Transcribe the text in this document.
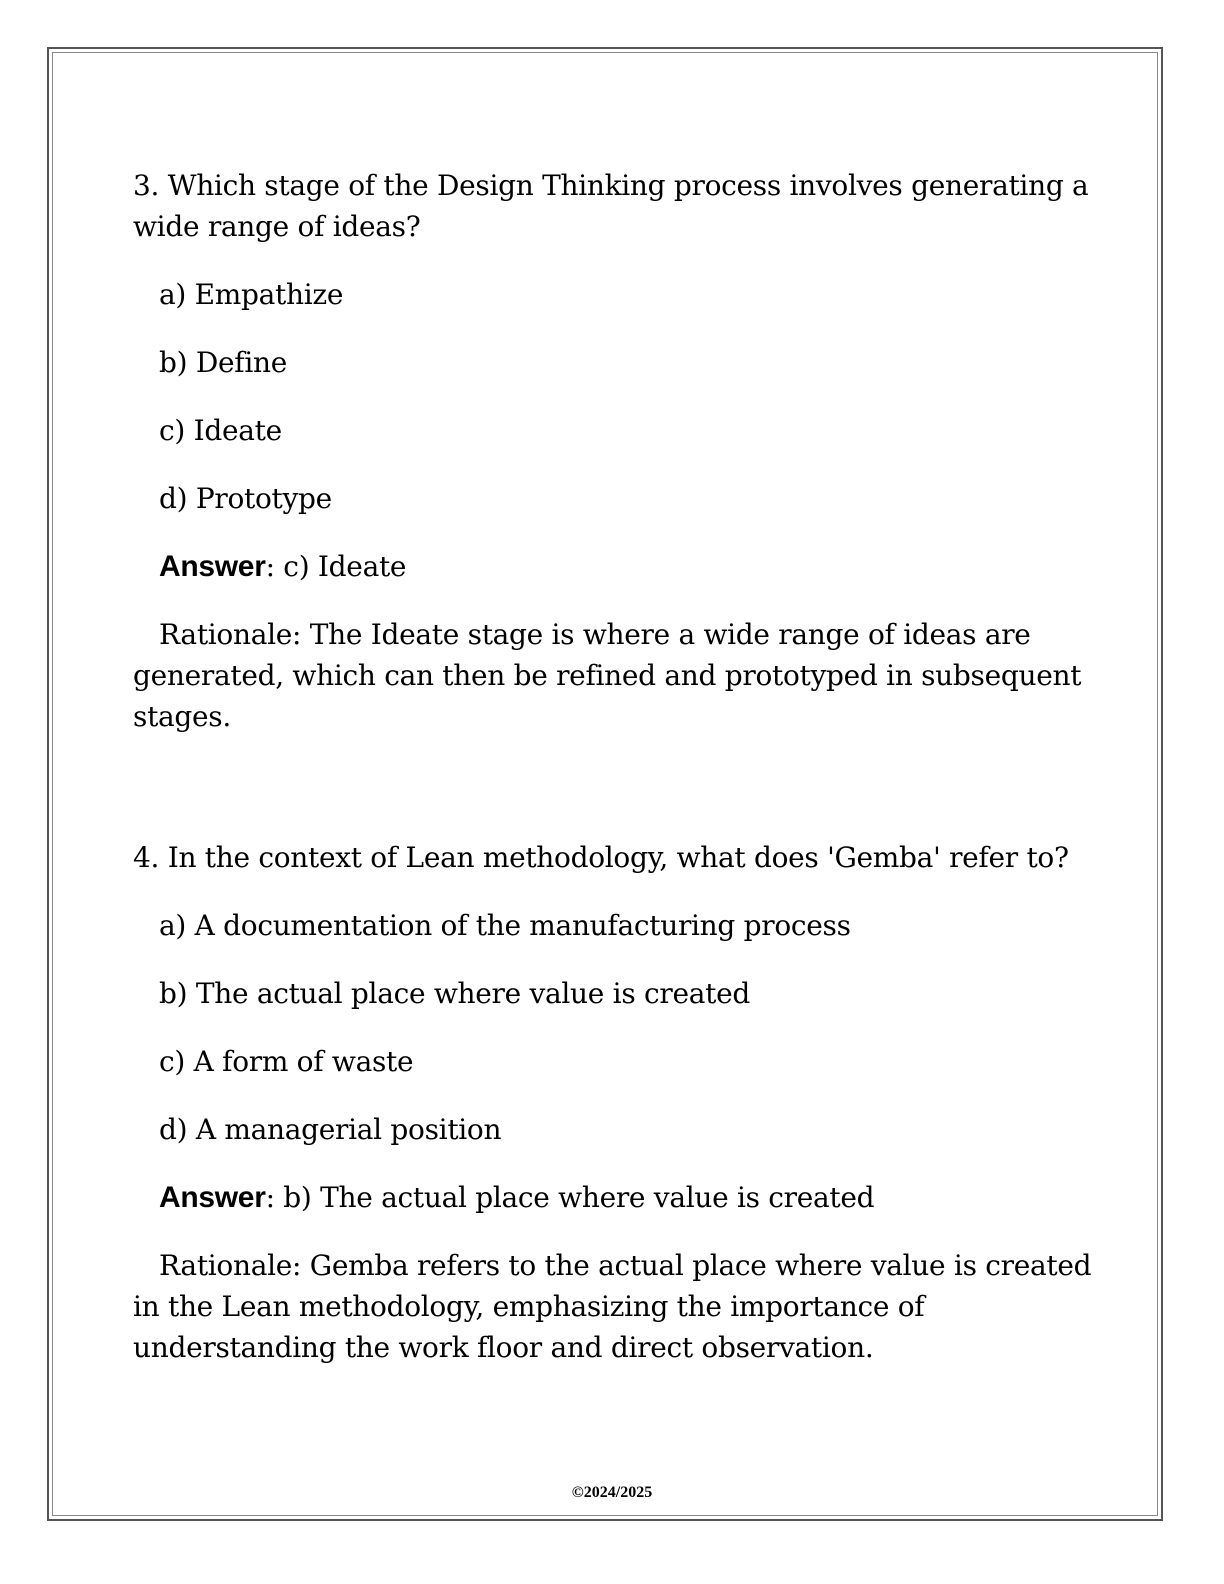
3. Which stage of the Design Thinking process involves generating a wide range of ideas?

a) Empathize

b) Define

c) Ideate

d) Prototype

Answer: c) Ideate

Rationale: The Ideate stage is where a wide range of ideas are generated, which can then be refined and prototyped in subsequent stages.

4. In the context of Lean methodology, what does 'Gemba' refer to?

a) A documentation of the manufacturing process

b) The actual place where value is created

c) A form of waste

d) A managerial position

Answer: b) The actual place where value is created

Rationale: Gemba refers to the actual place where value is created in the Lean methodology, emphasizing the importance of understanding the work floor and direct observation.

©2024/2025
